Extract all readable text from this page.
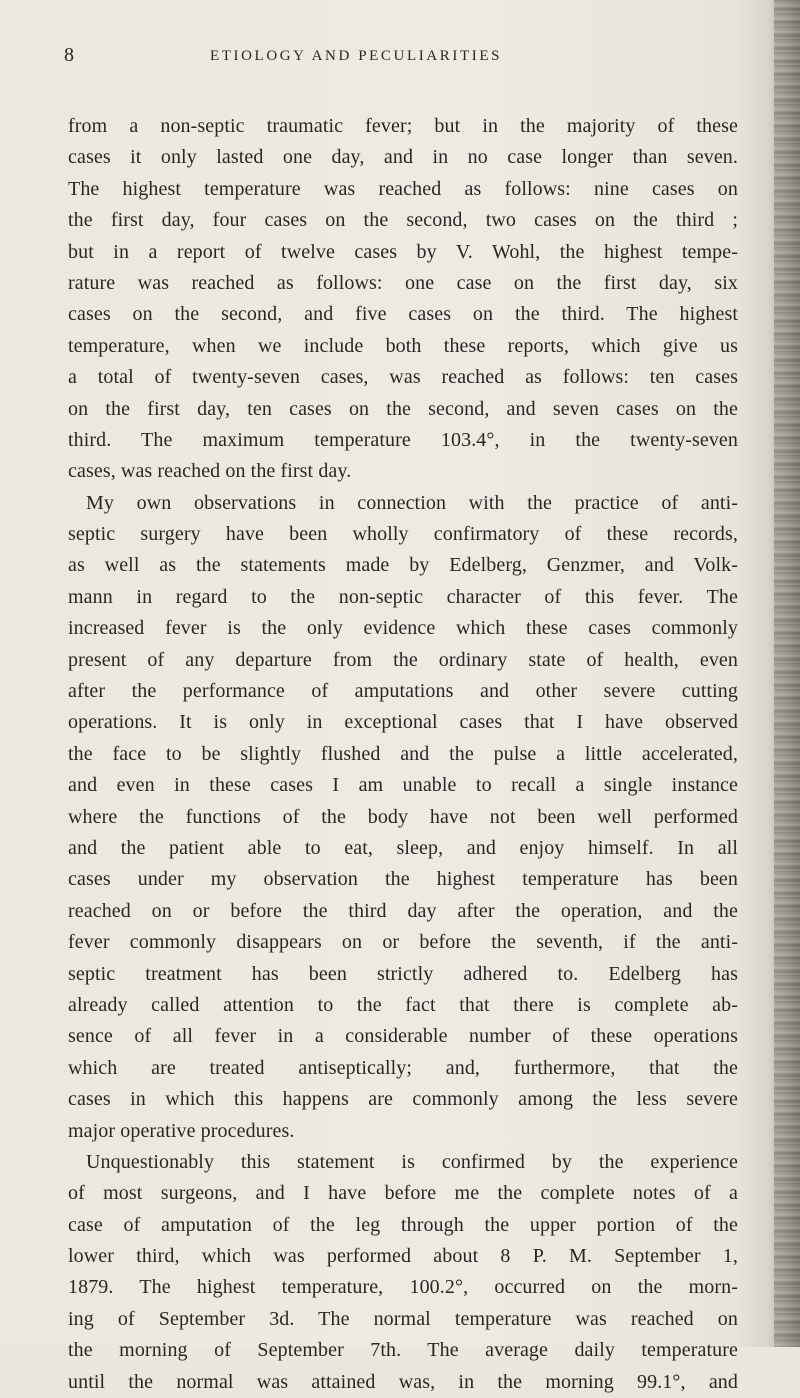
8	ETIOLOGY AND PECULIARITIES
from a non-septic traumatic fever; but in the majority of these
cases it only lasted one day, and in no case longer than seven.
The highest temperature was reached as follows: nine cases on
the first day, four cases on the second, two cases on the third ;
but in a report of twelve cases by V. Wohl, the highest tempe-
rature was reached as follows: one case on the first day, six
cases on the second, and five cases on the third. The highest
temperature, when we include both these reports, which give us
a total of twenty-seven cases, was reached as follows: ten cases
on the first day, ten cases on the second, and seven cases on the
third. The maximum temperature 103.4°, in the twenty-seven
cases, was reached on the first day.
My own observations in connection with the practice of anti-
septic surgery have been wholly confirmatory of these records,
as well as the statements made by Edelberg, Genzmer, and Volk-
mann in regard to the non-septic character of this fever. The
increased fever is the only evidence which these cases commonly
present of any departure from the ordinary state of health, even
after the performance of amputations and other severe cutting
operations. It is only in exceptional cases that I have observed
the face to be slightly flushed and the pulse a little accelerated,
and even in these cases I am unable to recall a single instance
where the functions of the body have not been well performed
and the patient able to eat, sleep, and enjoy himself. In all
cases under my observation the highest temperature has been
reached on or before the third day after the operation, and the
fever commonly disappears on or before the seventh, if the anti-
septic treatment has been strictly adhered to. Edelberg has
already called attention to the fact that there is complete ab-
sence of all fever in a considerable number of these operations
which are treated antiseptically; and, furthermore, that the
cases in which this happens are commonly among the less severe
major operative procedures.
Unquestionably this statement is confirmed by the experience
of most surgeons, and I have before me the complete notes of a
case of amputation of the leg through the upper portion of the
lower third, which was performed about 8 P. M. September 1,
1879. The highest temperature, 100.2°, occurred on the morn-
ing of September 3d. The normal temperature was reached on
the morning of September 7th. The average daily temperature
until the normal was attained was, in the morning 99.1°, and
